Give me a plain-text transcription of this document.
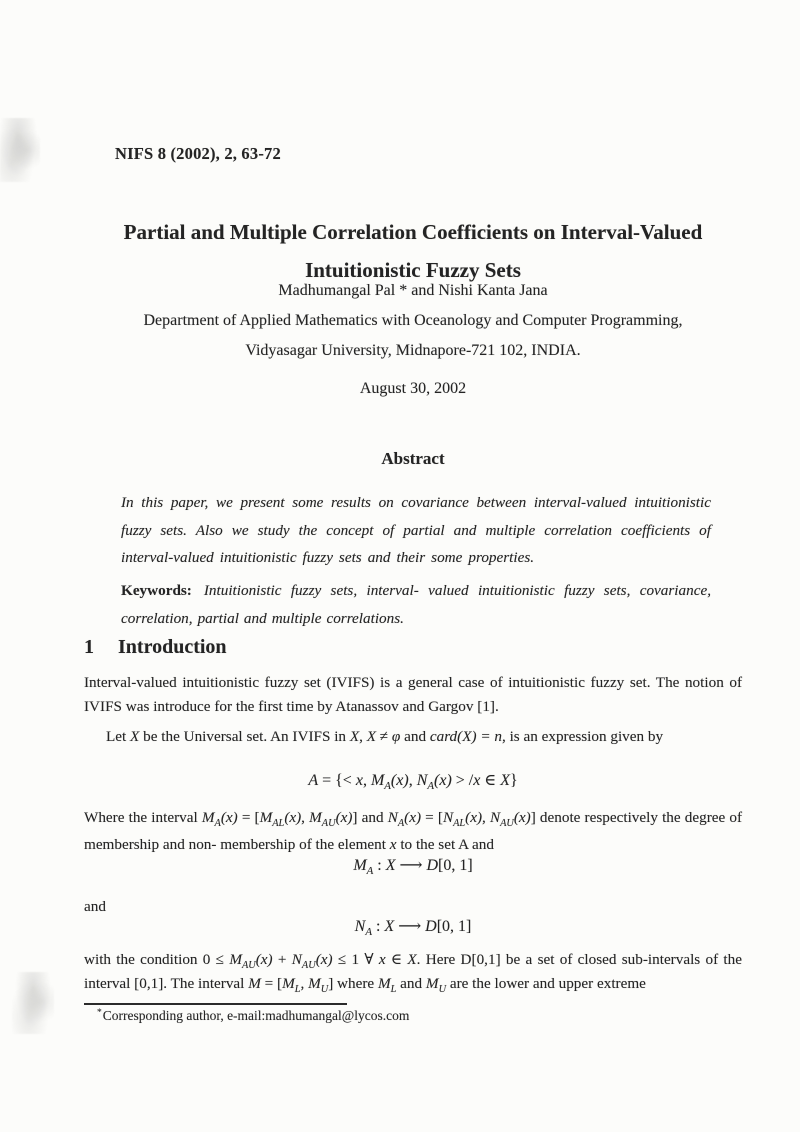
NIFS 8 (2002), 2, 63-72
Partial and Multiple Correlation Coefficients on Interval-Valued
Intuitionistic Fuzzy Sets
Madhumangal Pal * and Nishi Kanta Jana
Department of Applied Mathematics with Oceanology and Computer Programming,
Vidyasagar University, Midnapore-721 102, INDIA.
August 30, 2002
Abstract

In this paper, we present some results on covariance between interval-valued intuitionistic fuzzy sets. Also we study the concept of partial and multiple correlation coefficients of interval-valued intuitionistic fuzzy sets and their some properties.

Keywords: Intuitionistic fuzzy sets, interval- valued intuitionistic fuzzy sets, covariance, correlation, partial and multiple correlations.

1 Introduction

Interval-valued intuitionistic fuzzy set (IVIFS) is a general case of intuitionistic fuzzy set. The notion of IVIFS was introduce for the first time by Atanassov and Gargov [1].

Let X be the Universal set. An IVIFS in X, X ≠ φ and card(X) = n, is an expression given by

A = {< x, $M_A(x)$, $N_A(x) > /x$ ∈ X}

Where the interval $M_A(x) = [M_{AL}(x)$, $M_{AU}(x)$] and $N_A(x) = [N_{AL}(x)$, $N_{AU}(x)$] denote respectively the degree of membership and non- membership of the element x to the set A and

$M_A$ : X ⟶ D[0, 1]

and

$N_A$ : X ⟶ D[0, 1]

with the condition $0 \le M_{AU}(x) + N_{AU}(x) \le 1$ ∀ x ∈ X. Here D[0,1] be a set of closed sub-intervals of the interval [0,1]. The interval $M = [M_L$, $M_U$] where $M_L$ and $M_U$ are the lower and upper extreme

*Corresponding author, e-mail:madhumangal@lycos.com
